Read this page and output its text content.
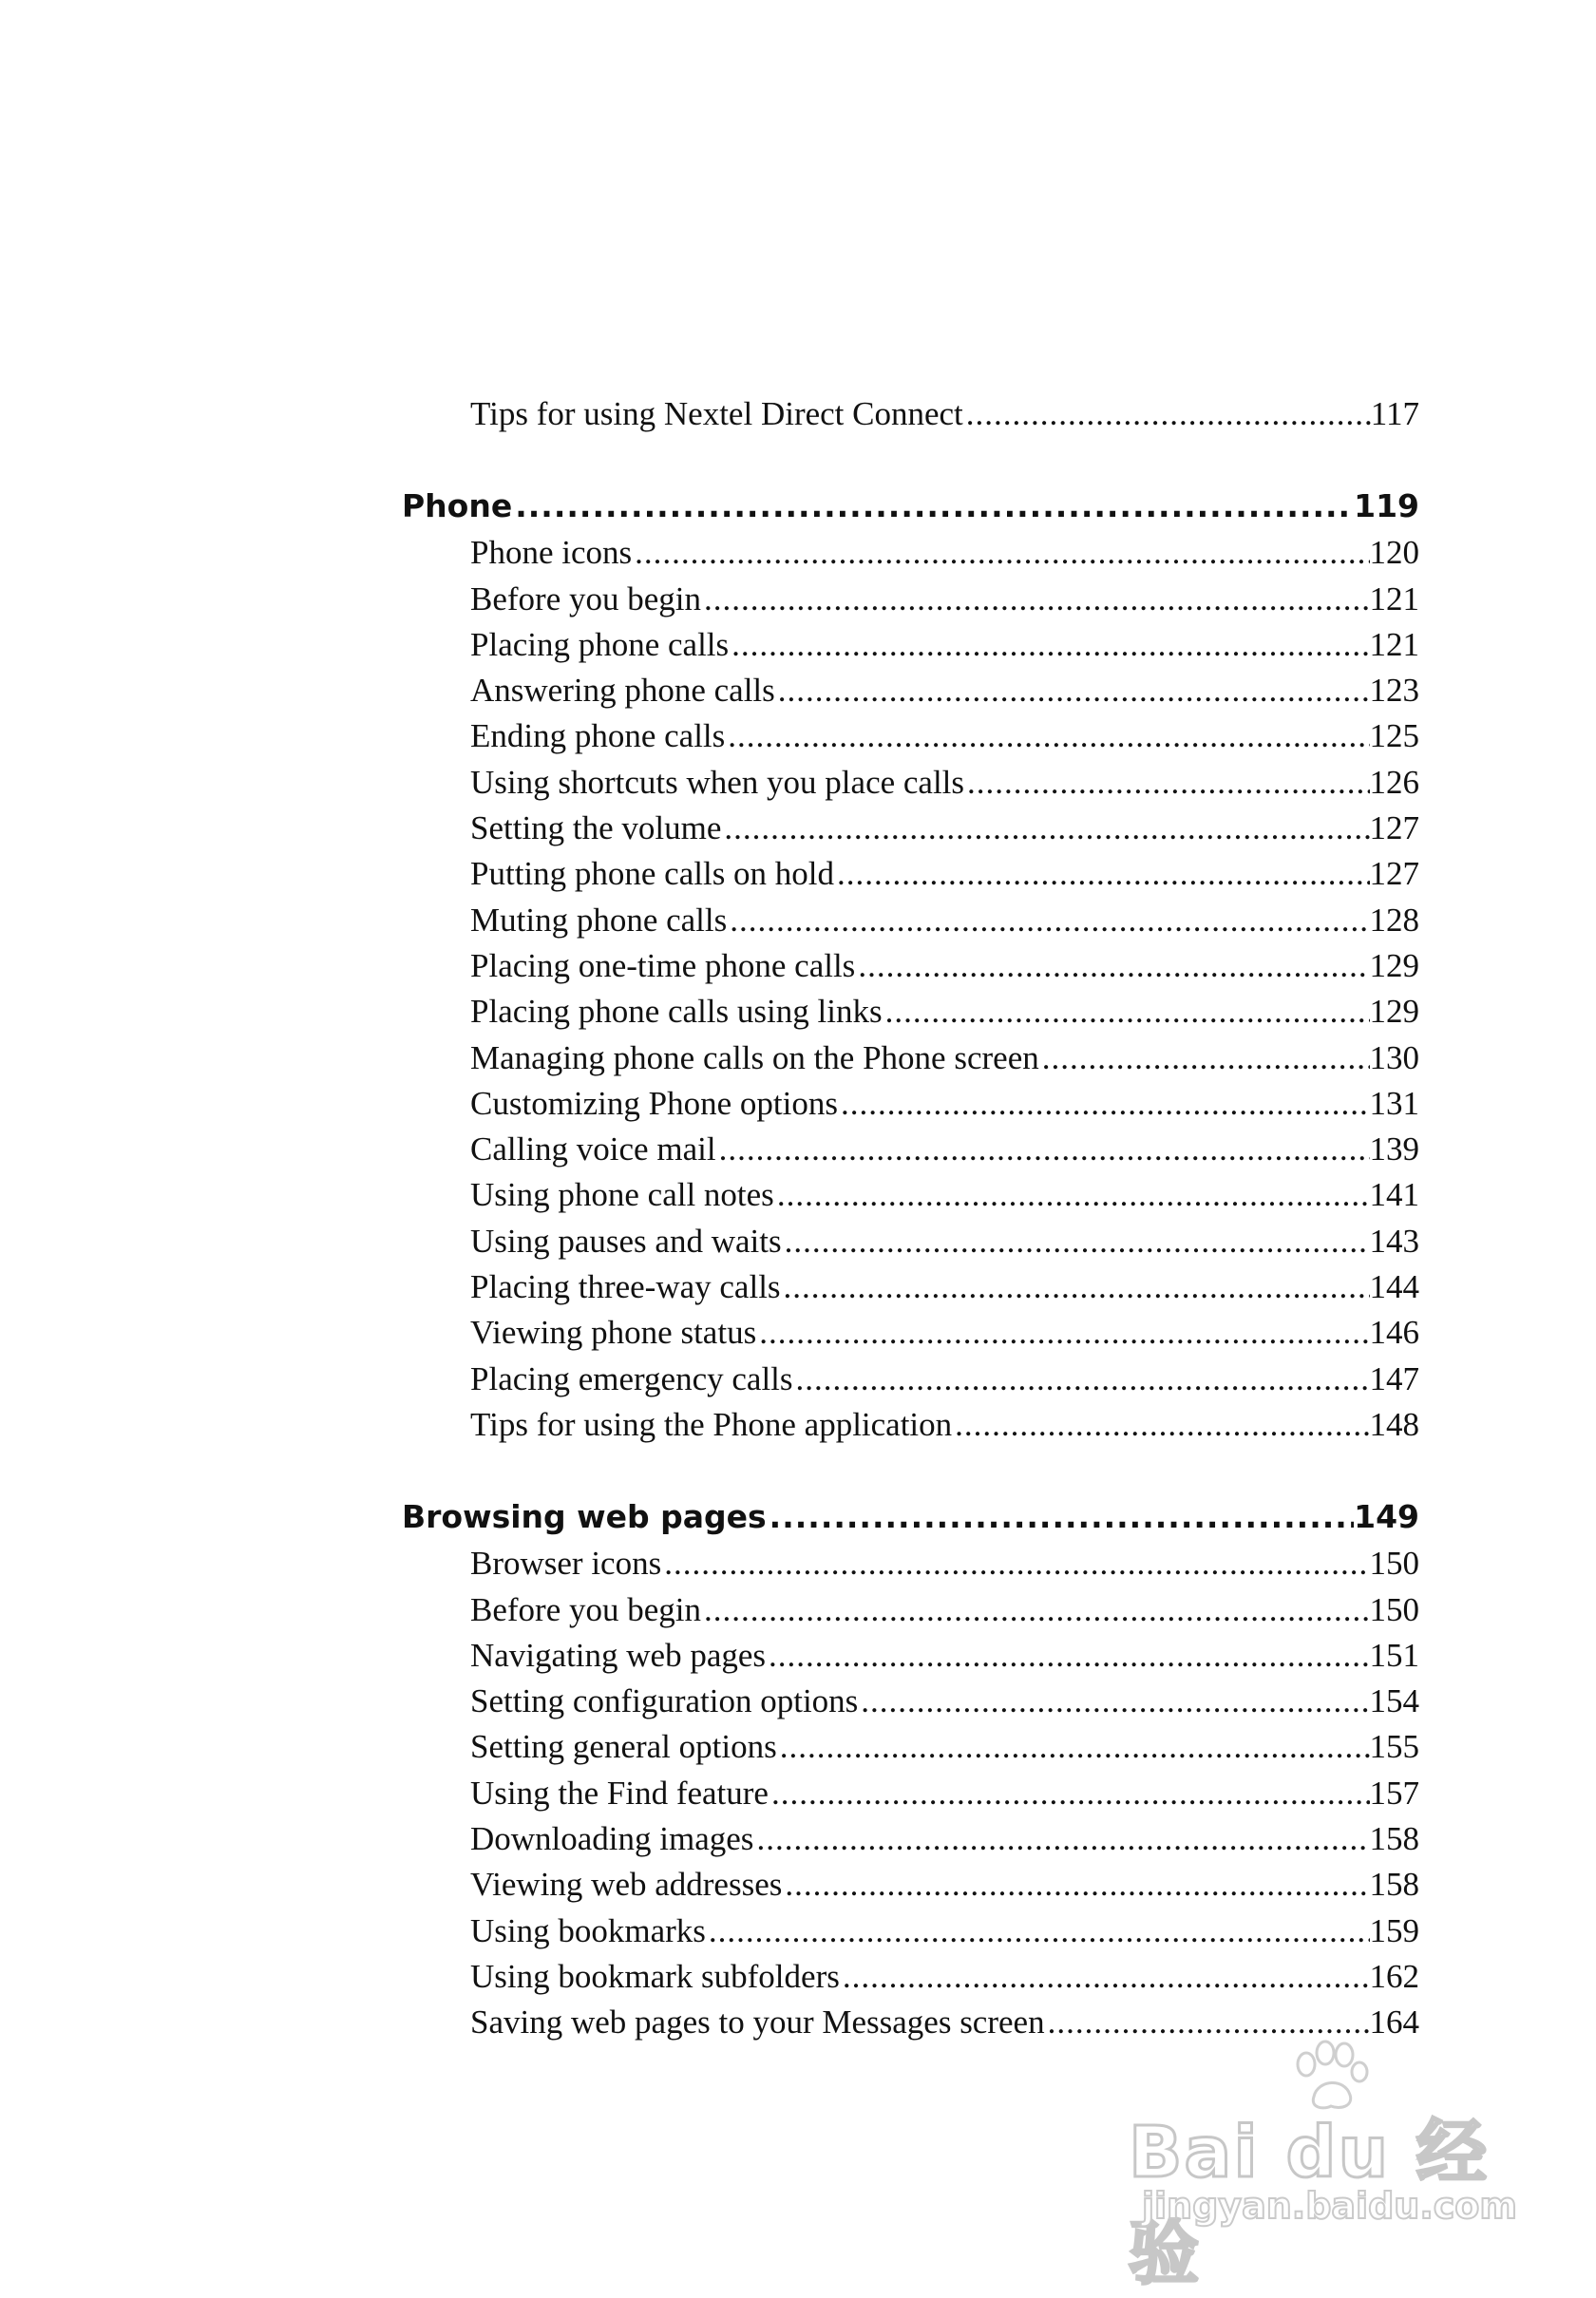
Tips for using Nextel Direct Connect .....	117
Phone .....	119
Phone icons .....	120
Before you begin .....	121
Placing phone calls .....	121
Answering phone calls .....	123
Ending phone calls .....	125
Using shortcuts when you place calls .....	126
Setting the volume .....	127
Putting phone calls on hold .....	127
Muting phone calls .....	128
Placing one-time phone calls .....	129
Placing phone calls using links .....	129
Managing phone calls on the Phone screen .....	130
Customizing Phone options .....	131
Calling voice mail .....	139
Using phone call notes .....	141
Using pauses and waits .....	143
Placing three-way calls .....	144
Viewing phone status .....	146
Placing emergency calls .....	147
Tips for using the Phone application .....	148
Browsing web pages .....	149
Browser icons .....	150
Before you begin .....	150
Navigating web pages .....	151
Setting configuration options .....	154
Setting general options .....	155
Using the Find feature .....	157
Downloading images .....	158
Viewing web addresses .....	158
Using bookmarks .....	159
Using bookmark subfolders .....	162
Saving web pages to your Messages screen .....	164
Bai du 经验
jingyan.baidu.com
